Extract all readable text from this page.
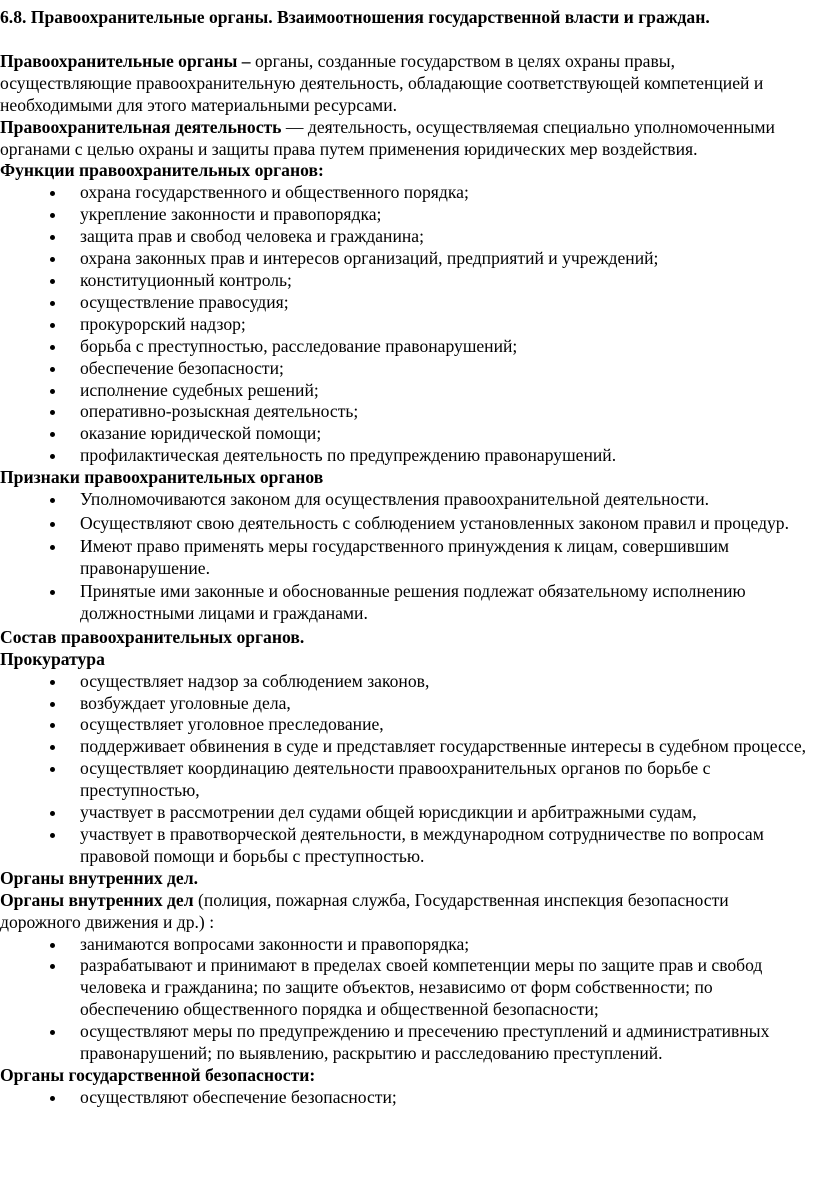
6.8. Правоохранительные органы. Взаимоотношения государственной власти и граждан.

Правоохранительные органы – органы, созданные государством в целях охраны правы, осуществляющие правоохранительную деятельность, обладающие соответствующей компетенцией и необходимыми для этого материальными ресурсами.

Правоохранительная деятельность — деятельность, осуществляемая специально уполномоченными органами с целью охраны и защиты права путем применения юридических мер воздействия.

Функции правоохранительных органов:

охрана государственного и общественного порядка;
укрепление законности и правопорядка;
защита прав и свобод человека и гражданина;
охрана законных прав и интересов организаций, предприятий и учреждений;
конституционный контроль;
осуществление правосудия;
прокурорский надзор;
борьба с преступностью, расследование правонарушений;
обеспечение безопасности;
исполнение судебных решений;
оперативно-розыскная деятельность;
оказание юридической помощи;
профилактическая деятельность по предупреждению правонарушений.

Признаки правоохранительных органов

Уполномочиваются законом для осуществления правоохранительной деятельности.
Осуществляют свою деятельность с соблюдением установленных законом правил и процедур.
Имеют право применять меры государственного принуждения к лицам, совершившим правонарушение.
Принятые ими законные и обоснованные решения подлежат обязательному исполнению должностными лицами и гражданами.

Состав правоохранительных органов.

Прокуратура

осуществляет надзор за соблюдением законов,
возбуждает уголовные дела,
осуществляет уголовное преследование,
поддерживает обвинения в суде и представляет государственные интересы в судебном процессе,
осуществляет координацию деятельности правоохранительных органов по борьбе с преступностью,
участвует в рассмотрении дел судами общей юрисдикции и арбитражными судам,
участвует в правотворческой деятельности, в международном сотрудничестве по вопросам правовой помощи и борьбы с преступностью.

Органы внутренних дел.

Органы внутренних дел (полиция, пожарная служба, Государственная инспекция безопасности дорожного движения и др.) :

занимаются вопросами законности и правопорядка;
разрабатывают и принимают в пределах своей компетенции меры по защите прав и свобод человека и гражданина; по защите объектов, независимо от форм собственности; по обеспечению общественного порядка и общественной безопасности;
осуществляют меры по предупреждению и пресечению преступлений и административных правонарушений; по выявлению, раскрытию и расследованию преступлений.

Органы государственной безопасности:

осуществляют обеспечение безопасности;
